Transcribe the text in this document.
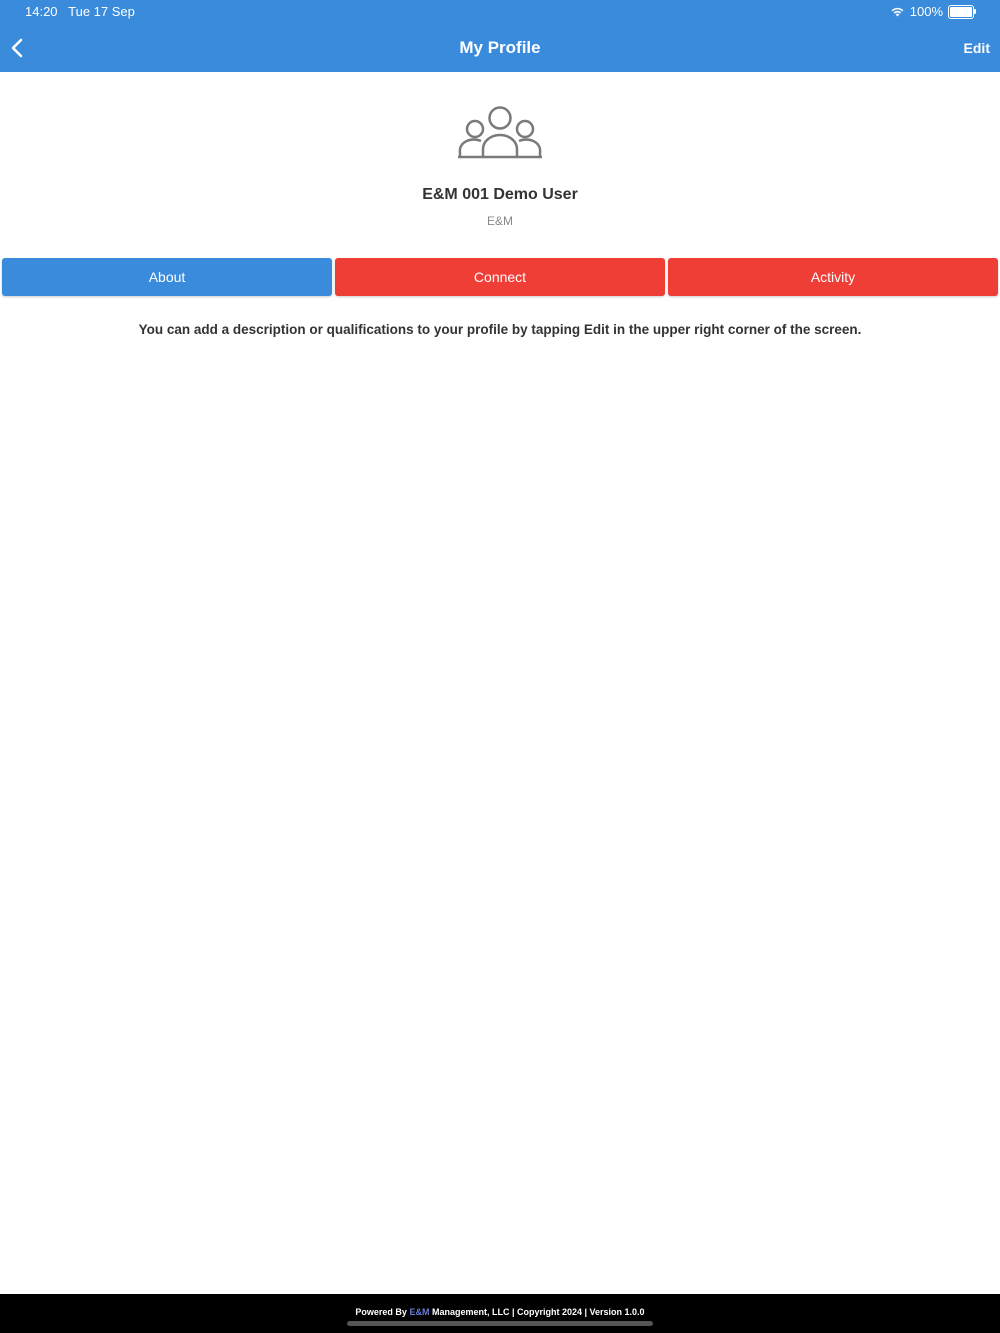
14:20 Tue 17 Sep	100%
My Profile	Edit
E&M 001 Demo User
E&M
About	Connect	Activity
You can add a description or qualifications to your profile by tapping Edit in the upper right corner of the screen.
Powered By E&M Management, LLC | Copyright 2024 | Version 1.0.0
